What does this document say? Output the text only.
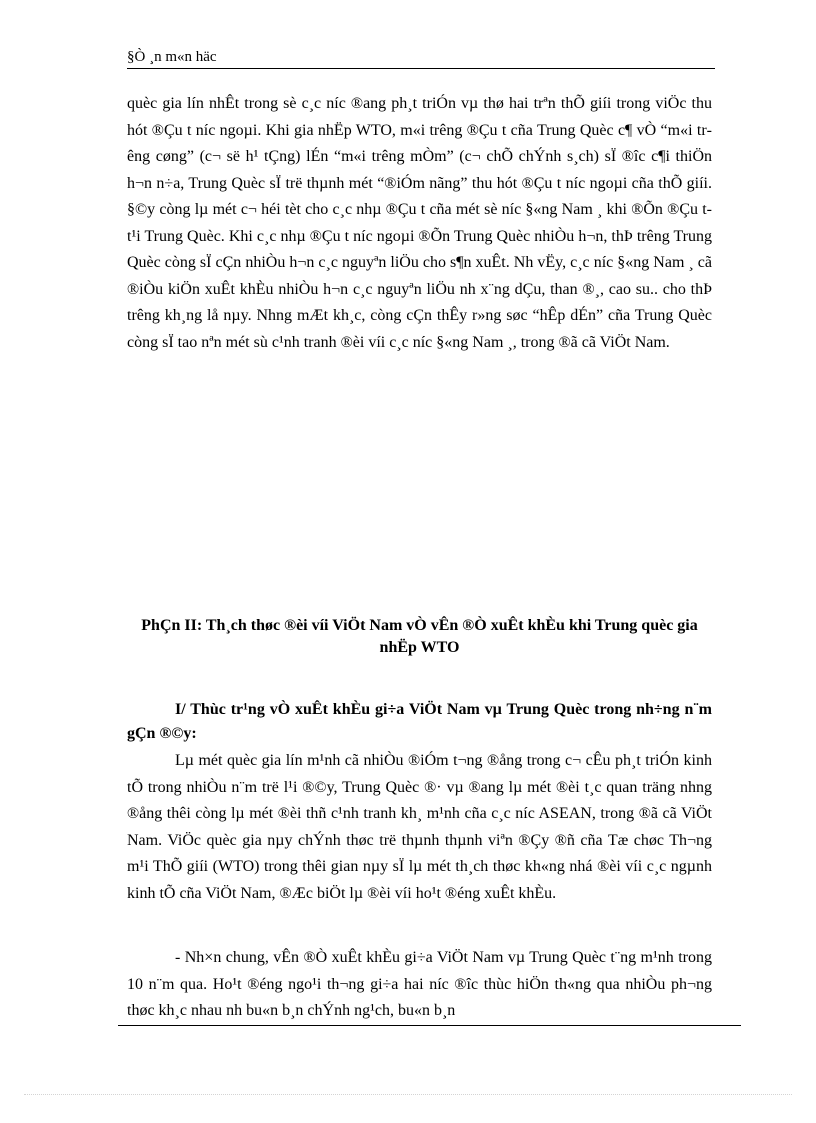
§Ò ¸n m«n häc

quèc gia lín nhÊt trong sè c¸c níc ®ang ph¸t triÓn vµ thø hai trªn thÕ giíi trong viÖc thu hót ®Çu t níc ngoµi. Khi gia nhËp WTO, m«i trêng ®Çu t cña Trung Quèc c¶ vÒ “m«i trêng cøng” (c¬ së h¹ tÇng) lÉn “m«i trêng mÒm” (c¬ chÕ chÝnh s¸ch) sÏ ®îc c¶i thiÖn h¬n n÷a, Trung Quèc sÏ trë thµnh mét “®iÓm nãng” thu hót ®Çu t níc ngoµi cña thÕ giíi. §©y còng lµ mét c¬ héi tèt cho c¸c nhµ ®Çu t cña mét sè níc §«ng Nam ¸ khi ®Õn ®Çu t t¹i Trung Quèc. Khi c¸c nhµ ®Çu t níc ngoµi ®Õn Trung Quèc nhiÒu h¬n, thÞ trêng Trung Quèc còng sÏ cÇn nhiÒu h¬n c¸c nguyªn liÖu cho s¶n xuÊt. Nh vËy, c¸c níc §«ng Nam ¸ cã ®iÒu kiÖn xuÊt khÈu nhiÒu h¬n c¸c nguyªn liÖu nh x¨ng dÇu, than ®¸, cao su.. cho thÞ trêng kh¸ng lå nµy. Nhng mÆt kh¸c, còng cÇn thÊy r»ng søc “hÊp dÉn” cña Trung Quèc còng sÏ tao nªn mét sù c¹nh tranh ®èi víi c¸c níc §«ng Nam ¸, trong ®ã cã ViÖt Nam.

PhÇn II: Th¸ch thøc ®èi víi ViÖt Nam vÒ vÊn ®Ò xuÊt khÈu khi Trung quèc gia nhËp WTO

I/ Thùc tr¹ng vÒ xuÊt khÈu gi÷a ViÖt Nam vµ Trung Quèc trong nh÷ng n¨m gÇn ®©y:

Lµ mét quèc gia lín m¹nh cã nhiÒu ®iÓm t¬ng ®ång trong c¬ cÊu ph¸t triÓn kinh tÕ trong nhiÒu n¨m trë l¹i ®©y, Trung Quèc ®· vµ ®ang lµ mét ®èi t¸c quan träng nhng ®ång thêi còng lµ mét ®èi thñ c¹nh tranh kh¸ m¹nh cña c¸c níc ASEAN, trong ®ã cã ViÖt Nam. ViÖc quèc gia nµy chÝnh thøc trë thµnh thµnh viªn ®Çy ®ñ cña Tæ chøc Th¬ng m¹i ThÕ giíi (WTO) trong thêi gian nµy sÏ lµ mét th¸ch thøc kh«ng nhá ®èi víi c¸c ngµnh kinh tÕ cña ViÖt Nam, ®Æc biÖt lµ ®èi víi ho¹t ®éng xuÊt khÈu.

- Nh×n chung, vÊn ®Ò xuÊt khÈu gi÷a ViÖt Nam vµ Trung Quèc t¨ng m¹nh trong 10 n¨m qua. Ho¹t ®éng ngo¹i th¬ng gi÷a hai níc ®îc thùc hiÖn th«ng qua nhiÒu ph¬ng thøc kh¸c nhau nh bu«n b¸n chÝnh ng¹ch, bu«n b¸n
